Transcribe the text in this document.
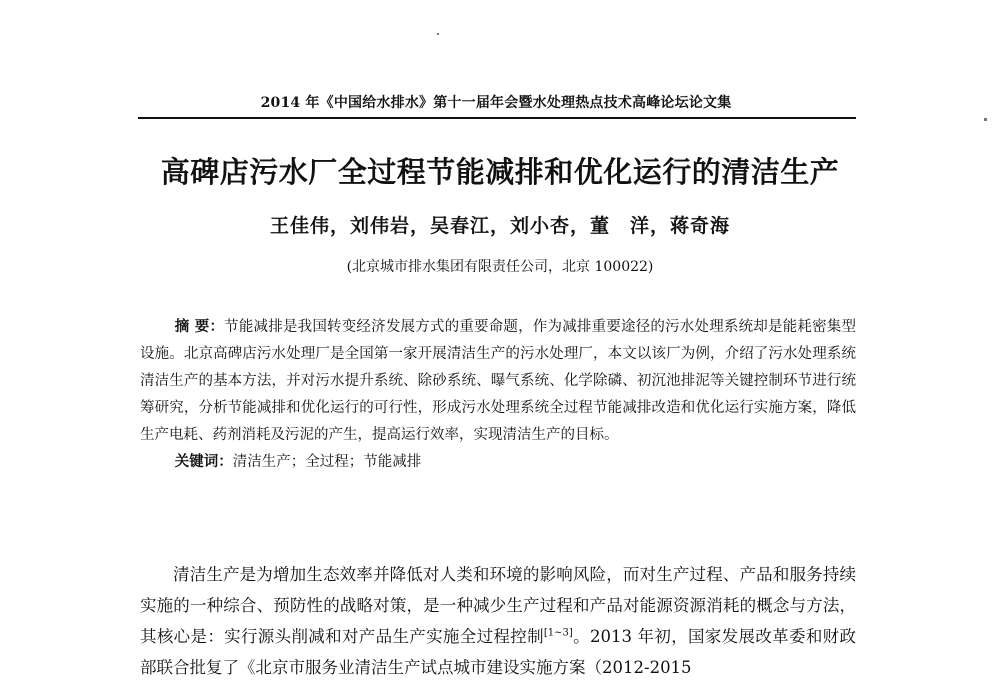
2014 年《中国给水排水》第十一届年会暨水处理热点技术高峰论坛论文集
高碑店污水厂全过程节能减排和优化运行的清洁生产
王佳伟，刘伟岩，吴春江，刘小杏，董　洋，蒋奇海
(北京城市排水集团有限责任公司，北京 100022)

摘 要：节能减排是我国转变经济发展方式的重要命题，作为减排重要途径的污水处理系统却是能耗密集型设施。北京高碑店污水处理厂是全国第一家开展清洁生产的污水处理厂，本文以该厂为例，介绍了污水处理系统清洁生产的基本方法，并对污水提升系统、除砂系统、曝气系统、化学除磷、初沉池排泥等关键控制环节进行统筹研究，分析节能减排和优化运行的可行性，形成污水处理系统全过程节能减排改造和优化运行实施方案，降低生产电耗、药剂消耗及污泥的产生，提高运行效率，实现清洁生产的目标。

关键词：清洁生产；全过程；节能减排

清洁生产是为增加生态效率并降低对人类和环境的影响风险，而对生产过程、产品和服务持续实施的一种综合、预防性的战略对策，是一种减少生产过程和产品对能源资源消耗的概念与方法，其核心是：实行源头削减和对产品生产实施全过程控制[1~3]。2013 年初，国家发展改革委和财政部联合批复了《北京市服务业清洁生产试点城市建设实施方案（2012-2015
